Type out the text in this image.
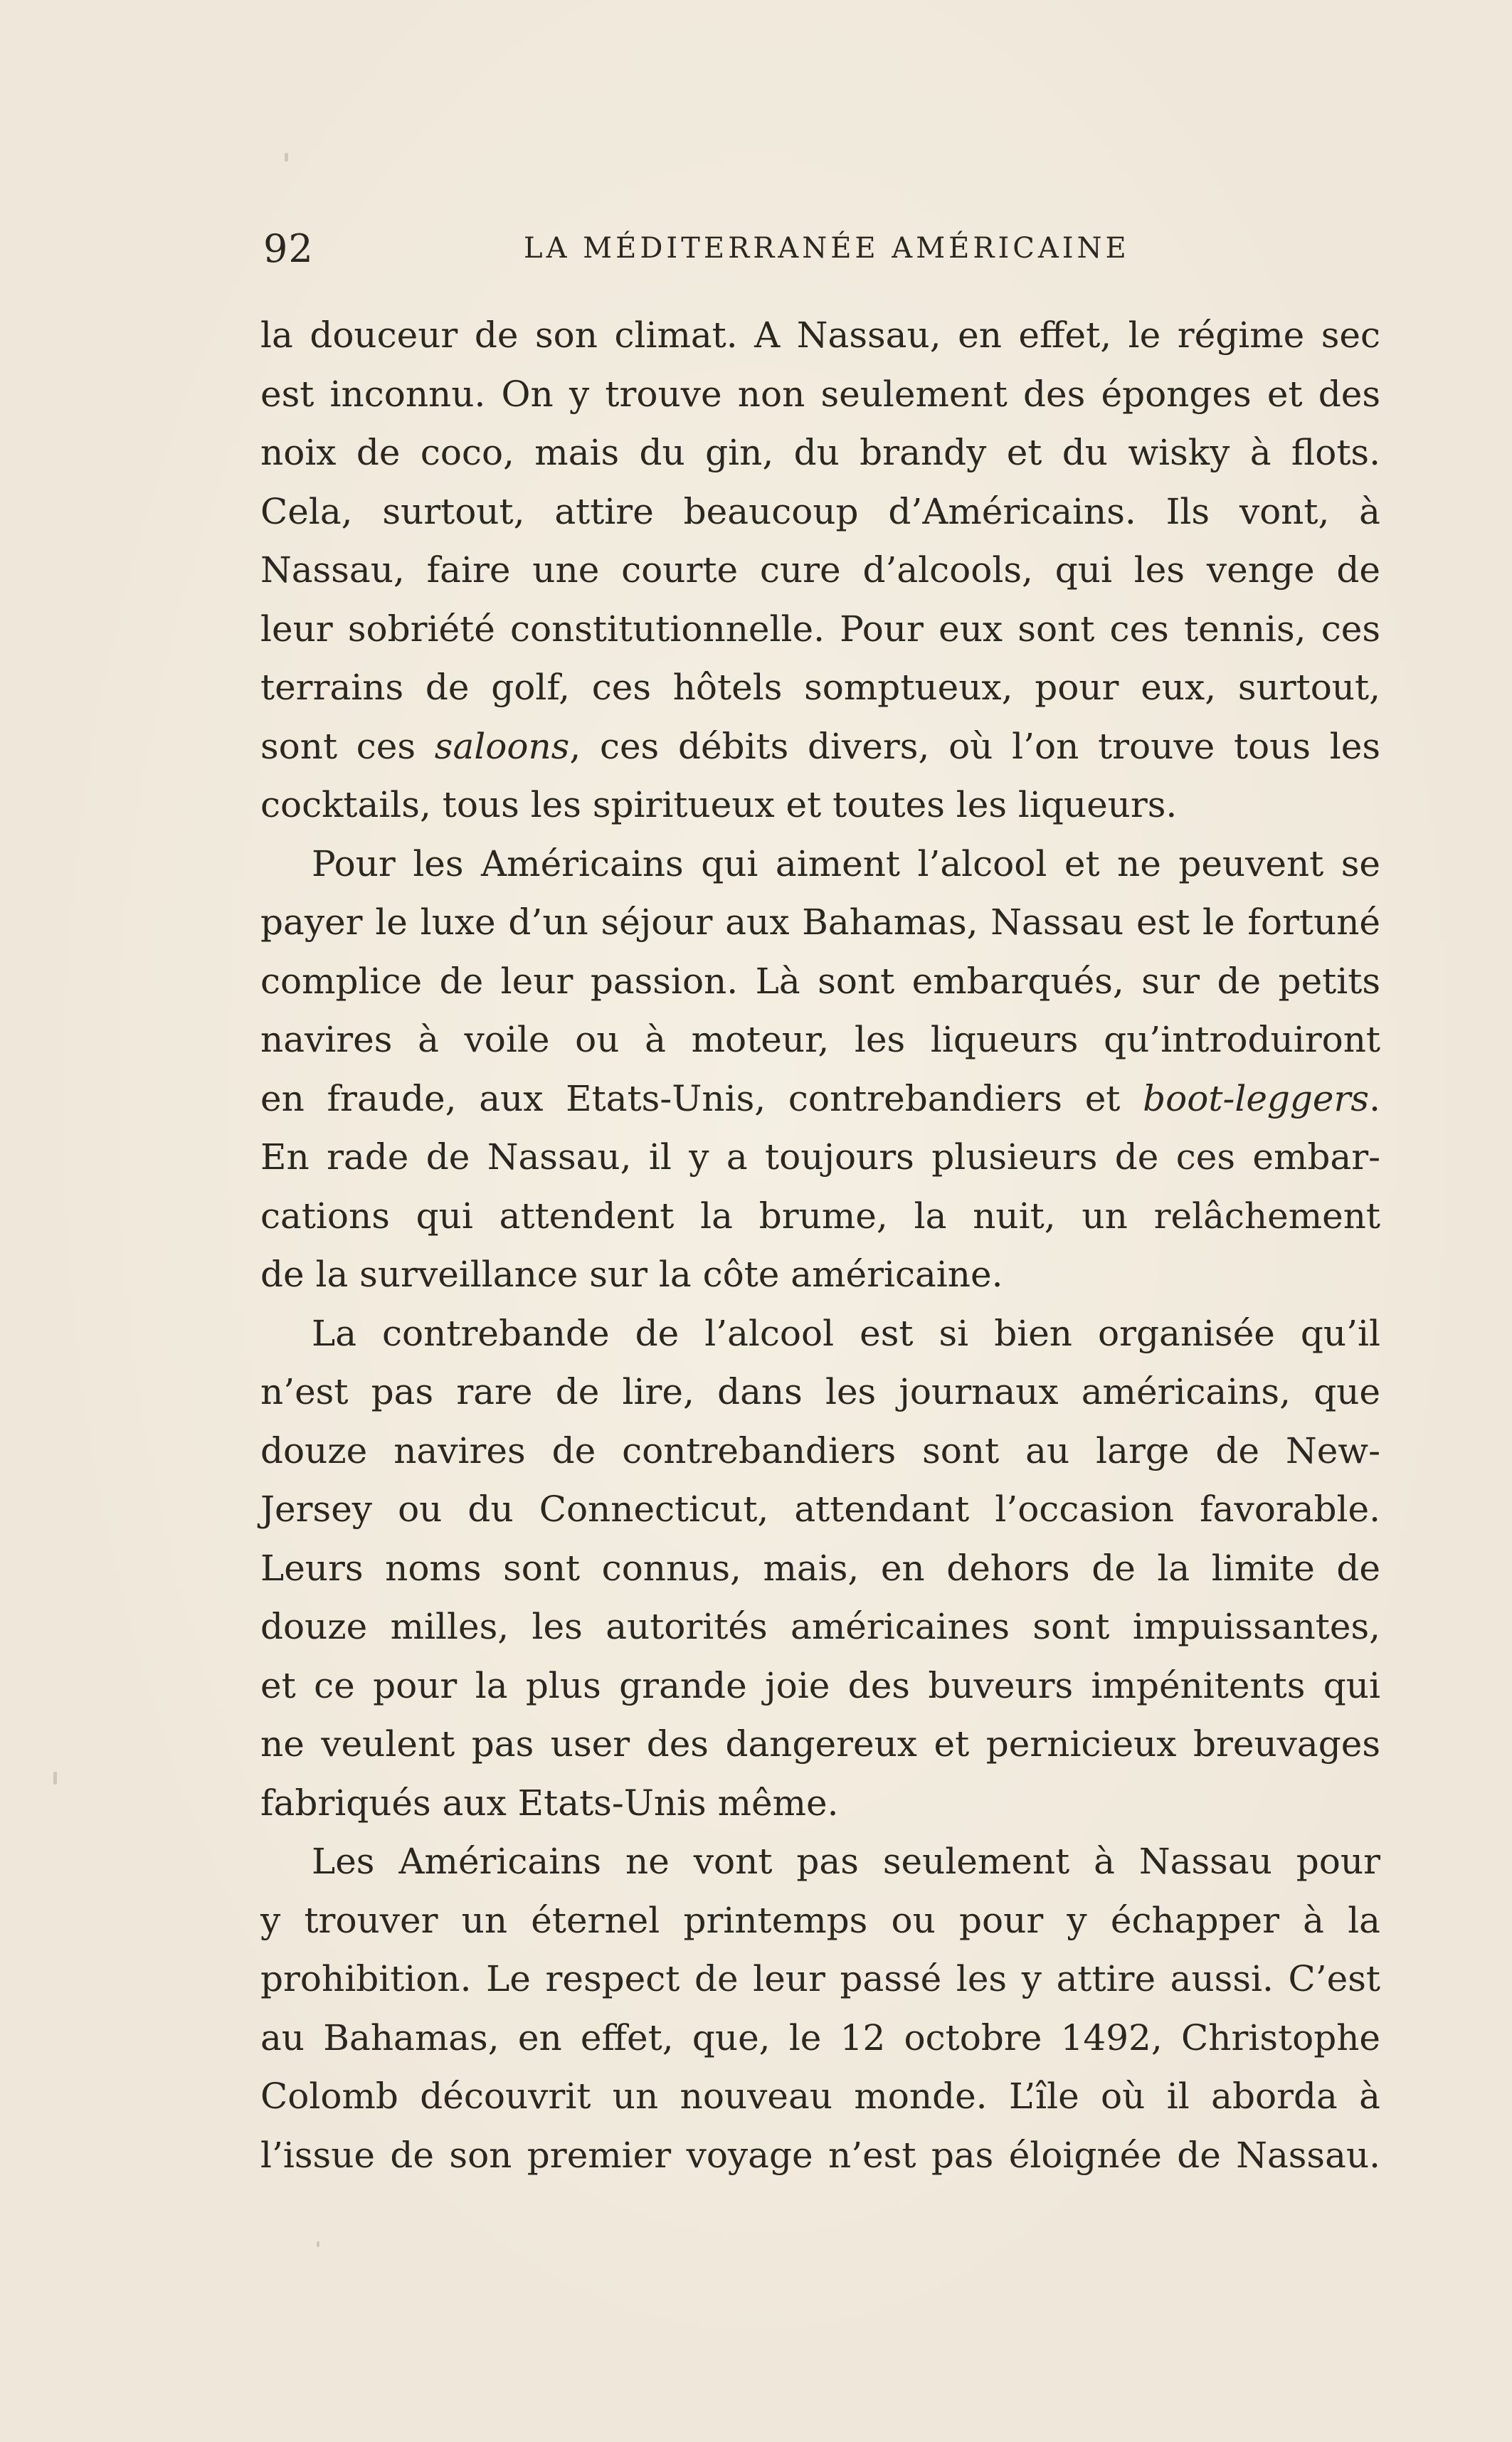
92	LA MÉDITERRANÉE AMÉRICAINE
la douceur de son climat. A Nassau, en effet, le régime sec
est inconnu. On y trouve non seulement des éponges et des
noix de coco, mais du gin, du brandy et du wisky à flots.
Cela, surtout, attire beaucoup d’Américains. Ils vont, à
Nassau, faire une courte cure d’alcools, qui les venge de
leur sobriété constitutionnelle. Pour eux sont ces tennis, ces
terrains de golf, ces hôtels somptueux, pour eux, surtout,
sont ces saloons, ces débits divers, où l’on trouve tous les
cocktails, tous les spiritueux et toutes les liqueurs.
Pour les Américains qui aiment l’alcool et ne peuvent se
payer le luxe d’un séjour aux Bahamas, Nassau est le fortuné
complice de leur passion. Là sont embarqués, sur de petits
navires à voile ou à moteur, les liqueurs qu’introduiront
en fraude, aux Etats-Unis, contrebandiers et boot-leggers.
En rade de Nassau, il y a toujours plusieurs de ces embar-
cations qui attendent la brume, la nuit, un relâchement
de la surveillance sur la côte américaine.
La contrebande de l’alcool est si bien organisée qu’il
n’est pas rare de lire, dans les journaux américains, que
douze navires de contrebandiers sont au large de New-
Jersey ou du Connecticut, attendant l’occasion favorable.
Leurs noms sont connus, mais, en dehors de la limite de
douze milles, les autorités américaines sont impuissantes,
et ce pour la plus grande joie des buveurs impénitents qui
ne veulent pas user des dangereux et pernicieux breuvages
fabriqués aux Etats-Unis même.
Les Américains ne vont pas seulement à Nassau pour
y trouver un éternel printemps ou pour y échapper à la
prohibition. Le respect de leur passé les y attire aussi. C’est
au Bahamas, en effet, que, le 12 octobre 1492, Christophe
Colomb découvrit un nouveau monde. L’île où il aborda à
l’issue de son premier voyage n’est pas éloignée de Nassau.
